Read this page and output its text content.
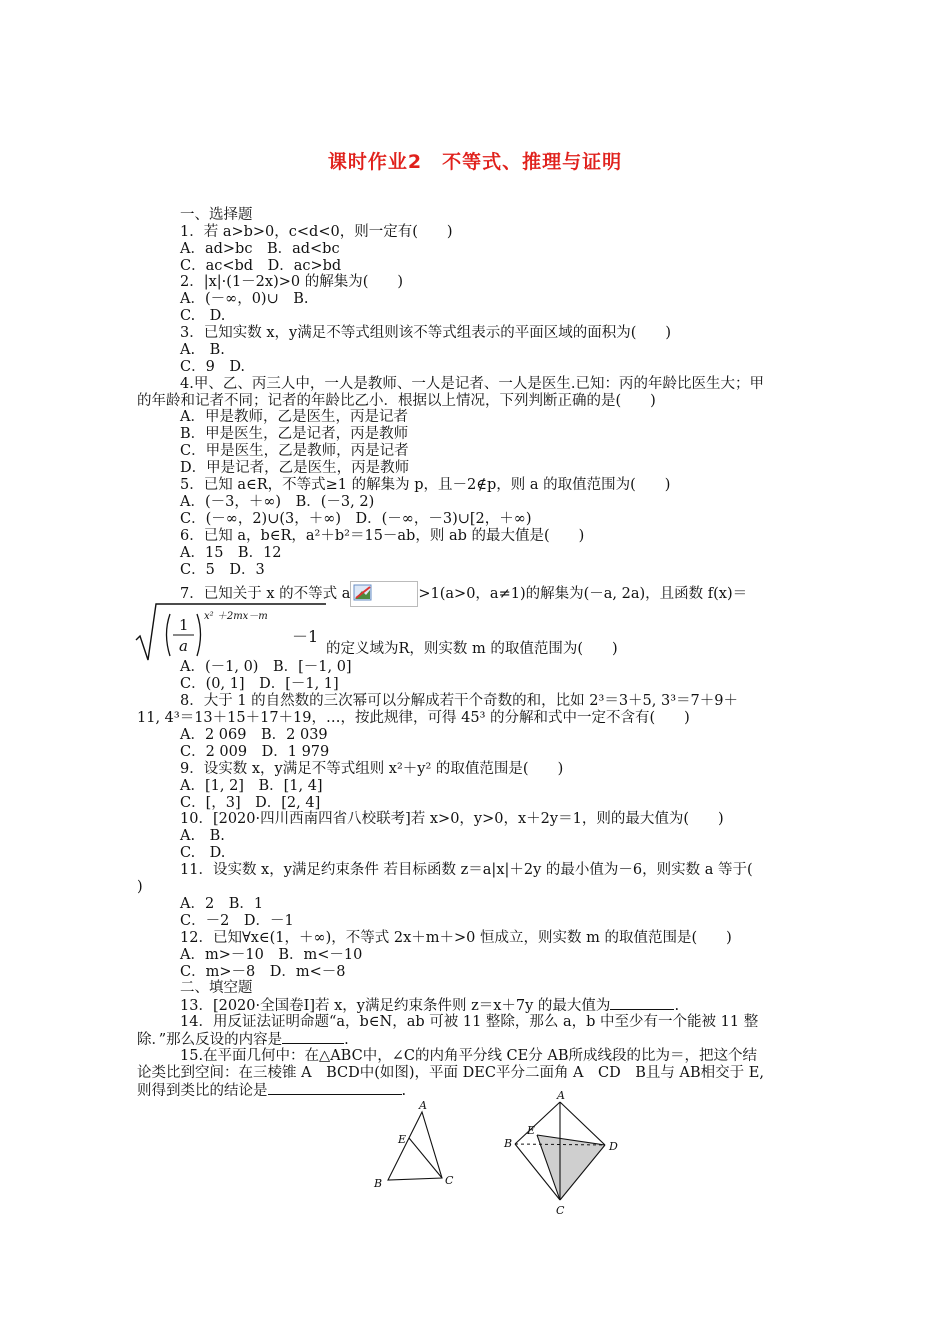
课时作业2　不等式、推理与证明
一、选择题
1．若 a>b>0，c<d<0，则一定有(　　)
A．ad>bc　B．ad<bc
C．ac<bd　D．ac>bd
2．|x|·(1－2x)>0 的解集为(　　)
A．(－∞，0)∪　B.
C.　D.
3．已知实数 x，y满足不等式组则该不等式组表示的平面区域的面积为(　　)
A.　B.
C．9　D.
4.甲、乙、丙三人中，一人是教师、一人是记者、一人是医生.已知：丙的年龄比医生大；甲
的年龄和记者不同；记者的年龄比乙小．根据以上情况，下列判断正确的是(　　)
A．甲是教师，乙是医生，丙是记者
B．甲是医生，乙是记者，丙是教师
C．甲是医生，乙是教师，丙是记者
D．甲是记者，乙是医生，丙是教师
5．已知 a∈R，不等式≥1 的解集为 p，且－2∉p，则 a 的取值范围为(　　)
A．(－3，＋∞)　B．(－3, 2)
C．(－∞，2)∪(3，＋∞)　D．(－∞，－3)∪[2，＋∞)
6．已知 a，b∈R，a²＋b²＝15－ab，则 ab 的最大值是(　　)
A．15　B．12
C．5　D．3
7．已知关于 x 的不等式 a	>1(a>0，a≠1)的解集为(－a, 2a)，且函数 f(x)＝
1
a
x² ＋2mx－m
－1
的定义域为R，则实数 m 的取值范围为(　　)
A．(－1, 0)　B．[－1, 0]
C．(0, 1]　D．[－1, 1]
8．大于 1 的自然数的三次幂可以分解成若干个奇数的和，比如 2³＝3＋5, 3³＝7＋9＋
11, 4³＝13＋15＋17＋19，…，按此规律，可得 45³ 的分解和式中一定不含有(　　)
A．2 069　B．2 039
C．2 009　D．1 979
9．设实数 x，y满足不等式组则 x²＋y² 的取值范围是(　　)
A．[1, 2]　B．[1, 4]
C．[，3]　D．[2, 4]
10．[2020·四川西南四省八校联考]若 x>0，y>0，x＋2y＝1，则的最大值为(　　)
A.　B.
C.　D.
11．设实数 x，y满足约束条件 若目标函数 z＝a|x|＋2y 的最小值为－6，则实数 a 等于(
)
A．2　B．1
C．－2　D．－1
12．已知∀x∈(1，＋∞)，不等式 2x＋m＋>0 恒成立，则实数 m 的取值范围是(　　)
A．m>－10　B．m<－10
C．m>－8　D．m<－8
二、填空题
13．[2020·全国卷Ⅰ]若 x，y满足约束条件则 z＝x＋7y 的最大值为	.
14．用反证法证明命题“a，b∈N，ab 可被 11 整除，那么 a，b 中至少有一个能被 11 整
除．”那么反设的内容是	.
15.在平面几何中：在△ABC中，∠C的内角平分线 CE分 AB所成线段的比为＝，把这个结
论类比到空间：在三棱锥 A　BCD中(如图)，平面 DEC平分二面角 A　CD　B且与 AB相交于 E,
则得到类比的结论是	.
A
E
B	C
A
E
B	D
C
